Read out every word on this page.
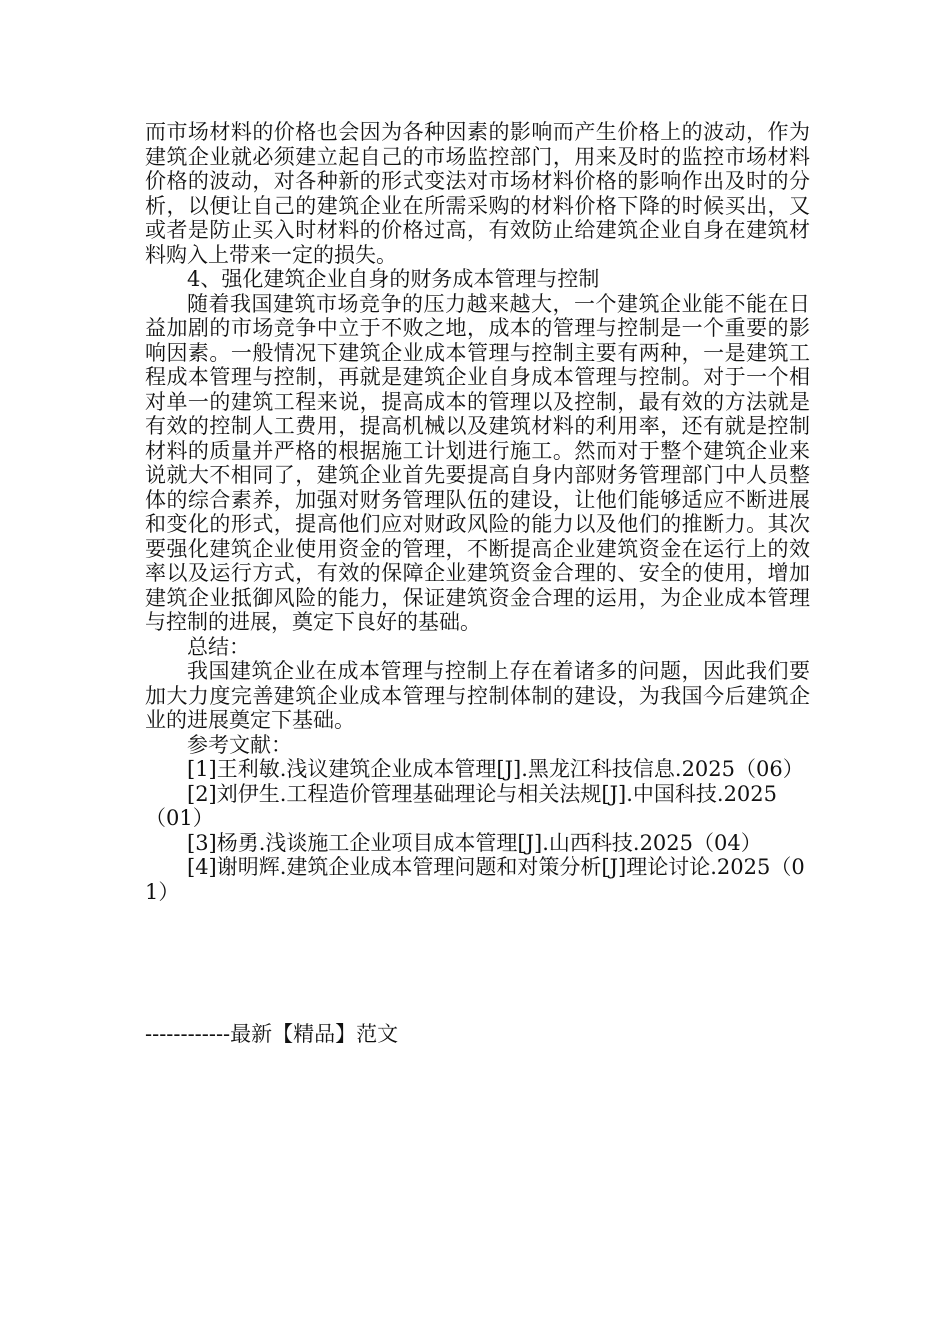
而市场材料的价格也会因为各种因素的影响而产生价格上的波动，作为建筑企业就必须建立起自己的市场监控部门，用来及时的监控市场材料价格的波动，对各种新的形式变法对市场材料价格的影响作出及时的分析，以便让自己的建筑企业在所需采购的材料价格下降的时候买出，又或者是防止买入时材料的价格过高，有效防止给建筑企业自身在建筑材料购入上带来一定的损失。

4、强化建筑企业自身的财务成本管理与控制

随着我国建筑市场竞争的压力越来越大，一个建筑企业能不能在日益加剧的市场竞争中立于不败之地，成本的管理与控制是一个重要的影响因素。一般情况下建筑企业成本管理与控制主要有两种，一是建筑工程成本管理与控制，再就是建筑企业自身成本管理与控制。对于一个相对单一的建筑工程来说，提高成本的管理以及控制，最有效的方法就是有效的控制人工费用，提高机械以及建筑材料的利用率，还有就是控制材料的质量并严格的根据施工计划进行施工。然而对于整个建筑企业来说就大不相同了，建筑企业首先要提高自身内部财务管理部门中人员整体的综合素养，加强对财务管理队伍的建设，让他们能够适应不断进展和变化的形式，提高他们应对财政风险的能力以及他们的推断力。其次要强化建筑企业使用资金的管理，不断提高企业建筑资金在运行上的效率以及运行方式，有效的保障企业建筑资金合理的、安全的使用，增加建筑企业抵御风险的能力，保证建筑资金合理的运用，为企业成本管理与控制的进展，奠定下良好的基础。

总结：

我国建筑企业在成本管理与控制上存在着诸多的问题，因此我们要加大力度完善建筑企业成本管理与控制体制的建设，为我国今后建筑企业的进展奠定下基础。

参考文献：

[1]王利敏.浅议建筑企业成本管理[J].黑龙江科技信息.2025（06）

[2]刘伊生.工程造价管理基础理论与相关法规[J].中国科技.2025（01）

[3]杨勇.浅谈施工企业项目成本管理[J].山西科技.2025（04）

[4]谢明辉.建筑企业成本管理问题和对策分析[J]理论讨论.2025（01）

------------最新【精品】范文
